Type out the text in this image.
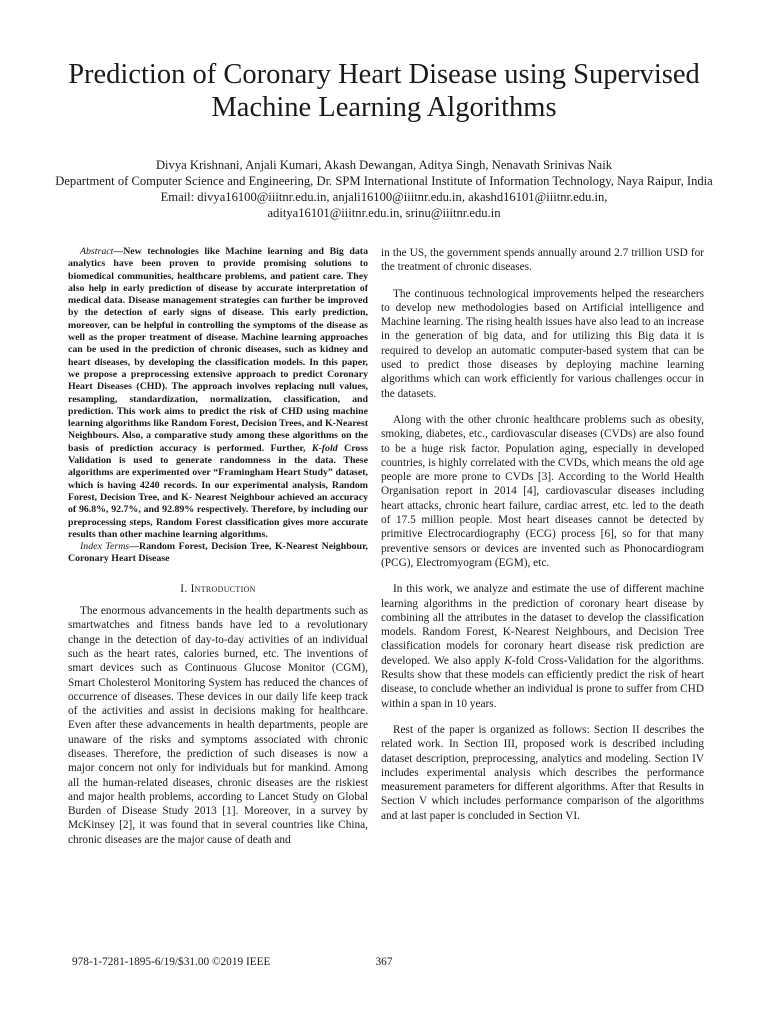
Prediction of Coronary Heart Disease using Supervised Machine Learning Algorithms
Divya Krishnani, Anjali Kumari, Akash Dewangan, Aditya Singh, Nenavath Srinivas Naik
Department of Computer Science and Engineering, Dr. SPM International Institute of Information Technology, Naya Raipur, India
Email: divya16100@iiitnr.edu.in, anjali16100@iiitnr.edu.in, akashd16101@iiitnr.edu.in,
aditya16101@iiitnr.edu.in, srinu@iiitnr.edu.in

Abstract—New technologies like Machine learning and Big data analytics have been proven to provide promising solutions to biomedical communities, healthcare problems, and patient care. They also help in early prediction of disease by accurate interpretation of medical data. Disease management strategies can further be improved by the detection of early signs of disease. This early prediction, moreover, can be helpful in controlling the symptoms of the disease as well as the proper treatment of disease. Machine learning approaches can be used in the prediction of chronic diseases, such as kidney and heart diseases, by developing the classification models. In this paper, we propose a preprocessing extensive approach to predict Coronary Heart Diseases (CHD). The approach involves replacing null values, resampling, standardization, normalization, classification, and prediction. This work aims to predict the risk of CHD using machine learning algorithms like Random Forest, Decision Trees, and K-Nearest Neighbours. Also, a comparative study among these algorithms on the basis of prediction accuracy is performed. Further, K-fold Cross Validation is used to generate randomness in the data. These algorithms are experimented over “Framingham Heart Study” dataset, which is having 4240 records. In our experimental analysis, Random Forest, Decision Tree, and K- Nearest Neighbour achieved an accuracy of 96.8%, 92.7%, and 92.89% respectively. Therefore, by including our preprocessing steps, Random Forest classification gives more accurate results than other machine learning algorithms.

Index Terms—Random Forest, Decision Tree, K-Nearest Neighbour, Coronary Heart Disease

I. Introduction

The enormous advancements in the health departments such as smartwatches and fitness bands have led to a revolutionary change in the detection of day-to-day activities of an individual such as the heart rates, calories burned, etc. The inventions of smart devices such as Continuous Glucose Monitor (CGM), Smart Cholesterol Monitoring System has reduced the chances of occurrence of diseases. These devices in our daily life keep track of the activities and assist in decisions making for healthcare. Even after these advancements in health departments, people are unaware of the risks and symptoms associated with chronic diseases. Therefore, the prediction of such diseases is now a major concern not only for individuals but for mankind. Among all the human-related diseases, chronic diseases are the riskiest and major health problems, according to Lancet Study on Global Burden of Disease Study 2013 [1]. Moreover, in a survey by McKinsey [2], it was found that in several countries like China, chronic diseases are the major cause of death and

in the US, the government spends annually around 2.7 trillion USD for the treatment of chronic diseases.

The continuous technological improvements helped the researchers to develop new methodologies based on Artificial intelligence and Machine learning. The rising health issues have also lead to an increase in the generation of big data, and for utilizing this Big data it is required to develop an automatic computer-based system that can be used to predict those diseases by deploying machine learning algorithms which can work efficiently for various challenges occur in the datasets.

Along with the other chronic healthcare problems such as obesity, smoking, diabetes, etc., cardiovascular diseases (CVDs) are also found to be a huge risk factor. Population aging, especially in developed countries, is highly correlated with the CVDs, which means the old age people are more prone to CVDs [3]. According to the World Health Organisation report in 2014 [4], cardiovascular diseases including heart attacks, chronic heart failure, cardiac arrest, etc. led to the death of 17.5 million people. Most heart diseases cannot be detected by primitive Electrocardiography (ECG) process [6], so for that many preventive sensors or devices are invented such as Phonocardiogram (PCG), Electromyogram (EGM), etc.

In this work, we analyze and estimate the use of different machine learning algorithms in the prediction of coronary heart disease by combining all the attributes in the dataset to develop the classification models. Random Forest, K-Nearest Neighbours, and Decision Tree classification models for coronary heart disease risk prediction are developed. We also apply K-fold Cross-Validation for the algorithms. Results show that these models can efficiently predict the risk of heart disease, to conclude whether an individual is prone to suffer from CHD within a span in 10 years.

Rest of the paper is organized as follows: Section II describes the related work. In Section III, proposed work is described including dataset description, preprocessing, analytics and modeling. Section IV includes experimental analysis which describes the performance measurement parameters for different algorithms. After that Results in Section V which includes performance comparison of the algorithms and at last paper is concluded in Section VI.

978-1-7281-1895-6/19/$31.00 ©2019 IEEE	367
